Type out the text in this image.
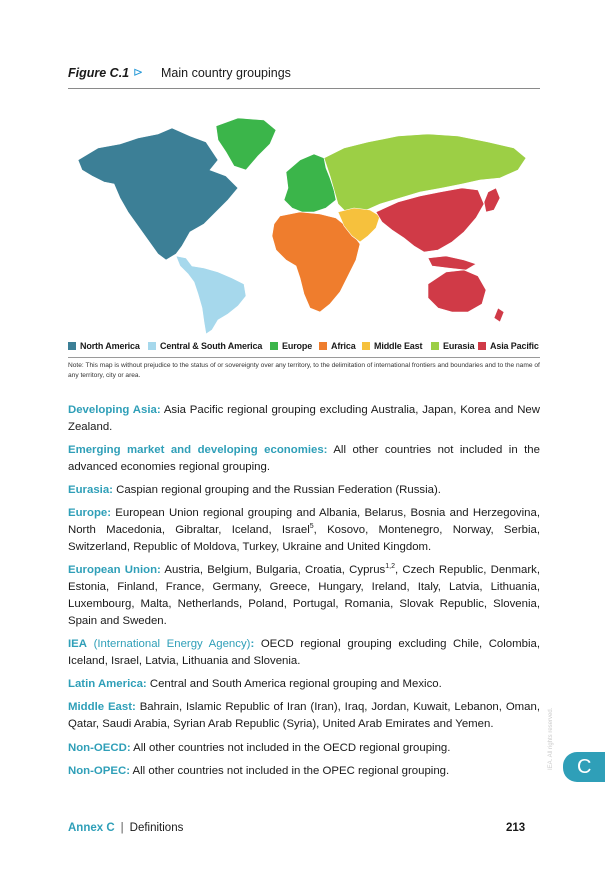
Figure C.1 ⊳ Main country groupings
North America Central & South America Europe Africa Middle East Eurasia Asia Pacific
Note: This map is without prejudice to the status of or sovereignty over any territory, to the delimitation of international frontiers and boundaries and to the name of any territory, city or area.

Developing Asia: Asia Pacific regional grouping excluding Australia, Japan, Korea and New Zealand.

Emerging market and developing economies: All other countries not included in the advanced economies regional grouping.

Eurasia: Caspian regional grouping and the Russian Federation (Russia).

Europe: European Union regional grouping and Albania, Belarus, Bosnia and Herzegovina, North Macedonia, Gibraltar, Iceland, Israel$^5$, Kosovo, Montenegro, Norway, Serbia, Switzerland, Republic of Moldova, Turkey, Ukraine and United Kingdom.

European Union: Austria, Belgium, Bulgaria, Croatia, Cyprus$^{1,2}$, Czech Republic, Denmark, Estonia, Finland, France, Germany, Greece, Hungary, Ireland, Italy, Latvia, Lithuania, Luxembourg, Malta, Netherlands, Poland, Portugal, Romania, Slovak Republic, Slovenia, Spain and Sweden.

IEA (International Energy Agency): OECD regional grouping excluding Chile, Colombia, Iceland, Israel, Latvia, Lithuania and Slovenia.

Latin America: Central and South America regional grouping and Mexico.

Middle East: Bahrain, Islamic Republic of Iran (Iran), Iraq, Jordan, Kuwait, Lebanon, Oman, Qatar, Saudi Arabia, Syrian Arab Republic (Syria), United Arab Emirates and Yemen.

Non-OECD: All other countries not included in the OECD regional grouping.

Non-OPEC: All other countries not included in the OPEC regional grouping.	C
IEA. All rights reserved.
Annex C | Definitions	213
